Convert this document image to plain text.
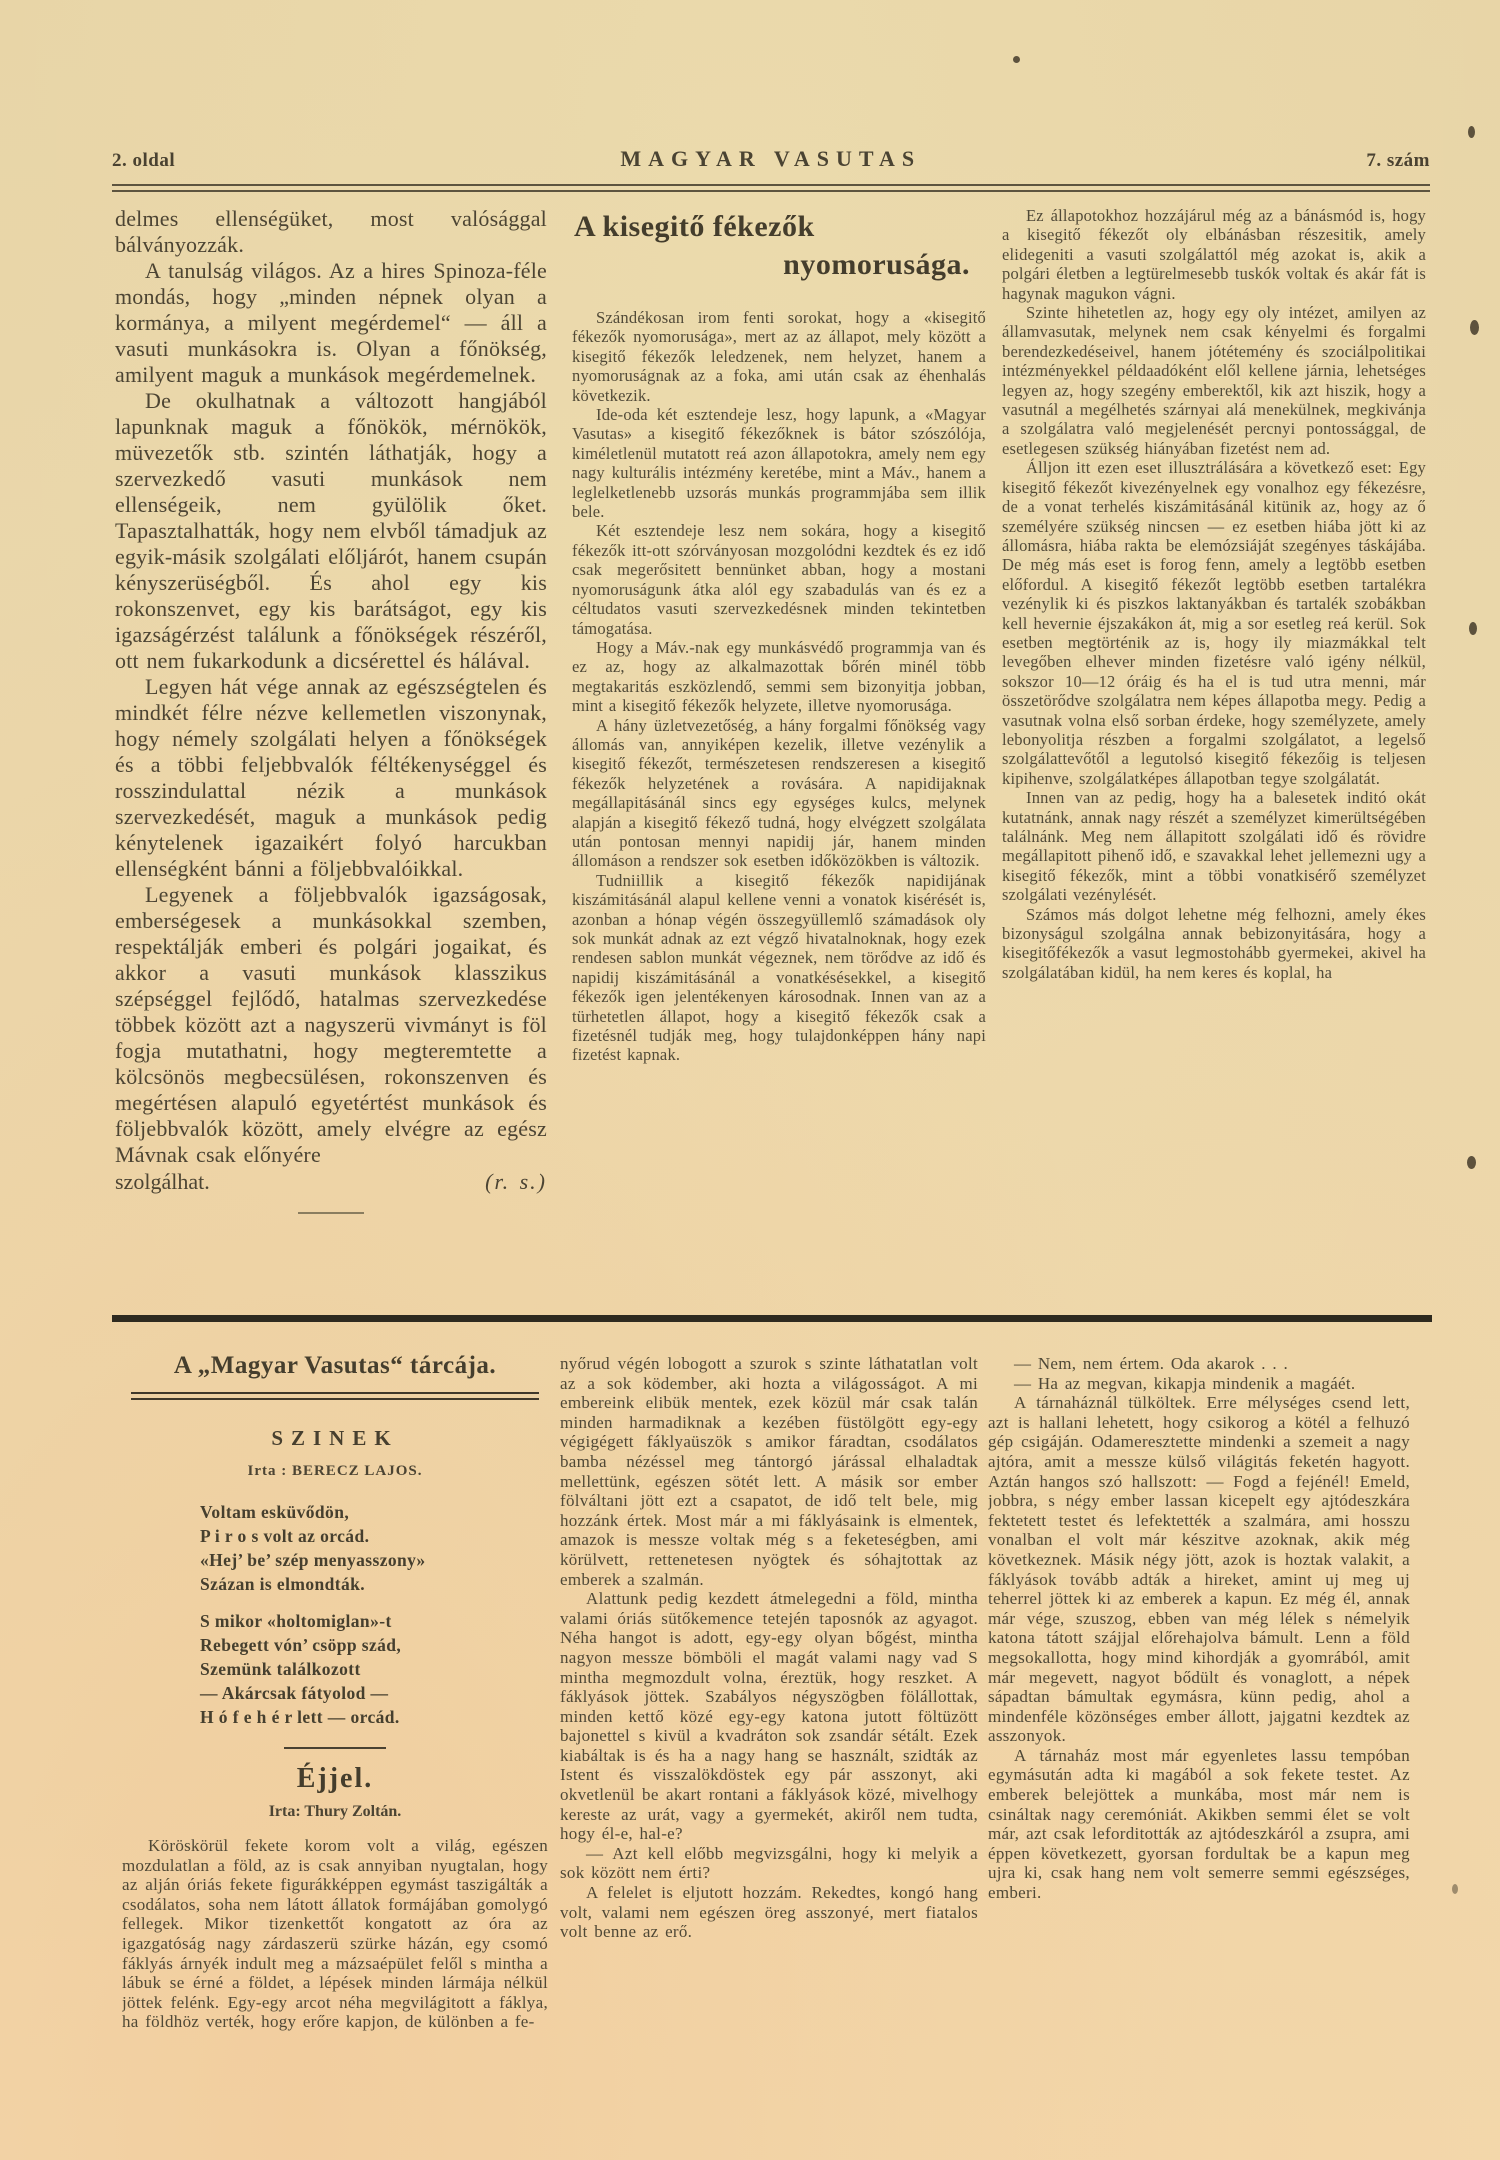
2. oldal	MAGYAR VASUTAS	7. szám

delmes ellenségüket, most valósággal bálványozzák.

A tanulság világos. Az a hires Spinoza-féle mondás, hogy „minden népnek olyan a kormánya, a milyent megérdemel“ — áll a vasuti munkásokra is. Olyan a főnökség, amilyent maguk a munkások megérdemelnek.

De okulhatnak a változott hangjából lapunknak maguk a főnökök, mérnökök, müvezetők stb. szintén láthatják, hogy a szervezkedő vasuti munkások nem ellenségeik, nem gyülölik őket. Tapasztalhatták, hogy nem elvből támadjuk az egyik-másik szolgálati előljárót, hanem csupán kényszerüségből. És ahol egy kis rokonszenvet, egy kis barátságot, egy kis igazságérzést találunk a főnökségek részéről, ott nem fukarkodunk a dicsérettel és hálával.

Legyen hát vége annak az egészségtelen és mindkét félre nézve kellemetlen viszonynak, hogy némely szolgálati helyen a főnökségek és a többi feljebbvalók féltékenységgel és rosszindulattal nézik a munkások szervezkedését, maguk a munkások pedig kénytelenek igazaikért folyó harcukban ellenségként bánni a följebbvalóikkal.

Legyenek a följebbvalók igazságosak, emberségesek a munkásokkal szemben, respektálják emberi és polgári jogaikat, és akkor a vasuti munkások klasszikus szépséggel fejlődő, hatalmas szervezkedése többek között azt a nagyszerü vivmányt is föl fogja mutathatni, hogy megteremtette a kölcsönös megbecsülésen, rokonszenven és megértésen alapuló egyetértést munkások és följebbvalók között, amely elvégre az egész Mávnak csak előnyére

szolgálhat.	(r. s.)
A kisegitő fékezők
nyomorusága.

Szándékosan irom fenti sorokat, hogy a «kisegitő fékezők nyomorusága», mert az az állapot, mely között a kisegitő fékezők leledzenek, nem helyzet, hanem a nyomoruságnak az a foka, ami után csak az éhenhalás következik.

Ide-oda két esztendeje lesz, hogy lapunk, a «Magyar Vasutas» a kisegitő fékezőknek is bátor szószólója, kiméletlenül mutatott reá azon állapotokra, amely nem egy nagy kulturális intézmény keretébe, mint a Máv., hanem a leglelketlenebb uzsorás munkás programmjába sem illik bele.

Két esztendeje lesz nem sokára, hogy a kisegitő fékezők itt-ott szórványosan mozgolódni kezdtek és ez idő csak megerősitett bennünket abban, hogy a mostani nyomoruságunk átka alól egy szabadulás van és ez a céltudatos vasuti szervezkedésnek minden tekintetben támogatása.

Hogy a Máv.-nak egy munkásvédő programmja van és ez az, hogy az alkalmazottak bőrén minél több megtakaritás eszközlendő, semmi sem bizonyitja jobban, mint a kisegitő fékezők helyzete, illetve nyomorusága.

A hány üzletvezetőség, a hány forgalmi főnökség vagy állomás van, annyiképen kezelik, illetve vezénylik a kisegitő fékezőt, természetesen rendszeresen a kisegitő fékezők helyzetének a rovására. A napidijaknak megállapitásánál sincs egy egységes kulcs, melynek alapján a kisegitő fékező tudná, hogy elvégzett szolgálata után pontosan mennyi napidij jár, hanem minden állomáson a rendszer sok esetben időközökben is változik.

Tudniillik a kisegitő fékezők napidijának kiszámitásánál alapul kellene venni a vonatok kisérését is, azonban a hónap végén összegyüllemlő számadások oly sok munkát adnak az ezt végző hivatalnoknak, hogy ezek rendesen sablon munkát végeznek, nem törődve az idő és napidij kiszámitásánál a vonatkésésekkel, a kisegitő fékezők igen jelentékenyen károsodnak. Innen van az a türhetetlen állapot, hogy a kisegitő fékezők csak a fizetésnél tudják meg, hogy tulajdonképpen hány napi fizetést kapnak.

Ez állapotokhoz hozzájárul még az a bánásmód is, hogy a kisegitő fékezőt oly elbánásban részesitik, amely elidegeniti a vasuti szolgálattól még azokat is, akik a polgári életben a legtürelmesebb tuskók voltak és akár fát is hagynak magukon vágni.

Szinte hihetetlen az, hogy egy oly intézet, amilyen az államvasutak, melynek nem csak kényelmi és forgalmi berendezkedéseivel, hanem jótétemény és szociálpolitikai intézményekkel példaadóként elől kellene járnia, lehetséges legyen az, hogy szegény emberektől, kik azt hiszik, hogy a vasutnál a megélhetés szárnyai alá menekülnek, megkivánja a szolgálatra való megjelenését percnyi pontossággal, de esetlegesen szükség hiányában fizetést nem ad.

Álljon itt ezen eset illusztrálására a következő eset: Egy kisegitő fékezőt kivezényelnek egy vonalhoz egy fékezésre, de a vonat terhelés kiszámitásánál kitünik az, hogy az ő személyére szükség nincsen — ez esetben hiába jött ki az állomásra, hiába rakta be elemózsiáját szegényes táskájába. De még más eset is forog fenn, amely a legtöbb esetben előfordul. A kisegitő fékezőt legtöbb esetben tartalékra vezénylik ki és piszkos laktanyákban és tartalék szobákban kell hevernie éjszakákon át, mig a sor esetleg reá kerül. Sok esetben megtörténik az is, hogy ily miazmákkal telt levegőben elhever minden fizetésre való igény nélkül, sokszor 10—12 óráig és ha el is tud utra menni, már összetörődve szolgálatra nem képes állapotba megy. Pedig a vasutnak volna első sorban érdeke, hogy személyzete, amely lebonyolitja részben a forgalmi szolgálatot, a legelső szolgálattevőtől a legutolsó kisegitő fékezőig is teljesen kipihenve, szolgálatképes állapotban tegye szolgálatát.

Innen van az pedig, hogy ha a balesetek inditó okát kutatnánk, annak nagy részét a személyzet kimerültségében találnánk. Meg nem állapitott szolgálati idő és rövidre megállapitott pihenő idő, e szavakkal lehet jellemezni ugy a kisegitő fékezők, mint a többi vonatkisérő személyzet szolgálati vezénylését.

Számos más dolgot lehetne még felhozni, amely ékes bizonyságul szolgálna annak bebizonyitására, hogy a kisegitőfékezők a vasut legmostohább gyermekei, akivel ha szolgálatában kidül, ha nem keres és koplal, ha

A „Magyar Vasutas“ tárcája.
SZINEK
Irta : BERECZ LAJOS.
Voltam esküvődön,
P i r o s volt az orcád.
«Hej’ be’ szép menyasszony»
Százan is elmondták.
S mikor «holtomiglan»-t
Rebegett vón’ csöpp szád,
Szemünk találkozott
— Akárcsak fátyolod —
H ó f e h é r lett — orcád.
Éjjel.
Irta: Thury Zoltán.

Köröskörül fekete korom volt a világ, egészen mozdulatlan a föld, az is csak annyiban nyugtalan, hogy az alján óriás fekete figurákképpen egymást taszigálták a csodálatos, soha nem látott állatok formájában gomolygó fellegek. Mikor tizenkettőt kongatott az óra az igazgatóság nagy zárdaszerü szürke házán, egy csomó fáklyás árnyék indult meg a mázsaépület felől s mintha a lábuk se érné a földet, a lépések minden lármája nélkül jöttek felénk. Egy-egy arcot néha megvilágitott a fáklya, ha földhöz verték, hogy erőre kapjon, de különben a fe-

nyőrud végén lobogott a szurok s szinte láthatatlan volt az a sok ködember, aki hozta a világosságot. A mi embereink elibük mentek, ezek közül már csak talán minden harmadiknak a kezében füstölgött egy-egy végigégett fáklyaüszök s amikor fáradtan, csodálatos bamba nézéssel meg tántorgó járással elhaladtak mellettünk, egészen sötét lett. A másik sor ember fölváltani jött ezt a csapatot, de idő telt bele, mig hozzánk értek. Most már a mi fáklyásaink is elmentek, amazok is messze voltak még s a feketeségben, ami körülvett, rettenetesen nyögtek és sóhajtottak az emberek a szalmán.

Alattunk pedig kezdett átmelegedni a föld, mintha valami óriás sütőkemence tetején taposnók az agyagot. Néha hangot is adott, egy-egy olyan bőgést, mintha nagyon messze bömböli el magát valami nagy vad S mintha megmozdult volna, éreztük, hogy reszket. A fáklyások jöttek. Szabályos négyszögben fölállottak, minden kettő közé egy-egy katona jutott föltüzött bajonettel s kivül a kvadráton sok zsandár sétált. Ezek kiabáltak is és ha a nagy hang se használt, szidták az Istent és visszalökdöstek egy pár asszonyt, aki okvetlenül be akart rontani a fáklyások közé, mivelhogy kereste az urát, vagy a gyermekét, akiről nem tudta, hogy él-e, hal-e?

— Azt kell előbb megvizsgálni, hogy ki melyik a sok között nem érti?

A felelet is eljutott hozzám. Rekedtes, kongó hang volt, valami nem egészen öreg asszonyé, mert fiatalos volt benne az erő.

— Nem, nem értem. Oda akarok . . .

— Ha az megvan, kikapja mindenik a magáét.

A tárnaháznál tülköltek. Erre mélységes csend lett, azt is hallani lehetett, hogy csikorog a kötél a felhuzó gép csigáján. Odameresztette mindenki a szemeit a nagy ajtóra, amit a messze külső világitás feketén hagyott. Aztán hangos szó hallszott: — Fogd a fejénél! Emeld, jobbra, s négy ember lassan kicepelt egy ajtódeszkára fektetett testet és lefektették a szalmára, ami hosszu vonalban el volt már készitve azoknak, akik még következnek. Másik négy jött, azok is hoztak valakit, a fáklyások tovább adták a hireket, amint uj meg uj teherrel jöttek ki az emberek a kapun. Ez még él, annak már vége, szuszog, ebben van még lélek s némelyik katona tátott szájjal előrehajolva bámult. Lenn a föld megsokallotta, hogy mind kihordják a gyomrából, amit már megevett, nagyot bődült és vonaglott, a népek sápadtan bámultak egymásra, künn pedig, ahol a mindenféle közönséges ember állott, jajgatni kezdtek az asszonyok.

A tárnaház most már egyenletes lassu tempóban egymásután adta ki magából a sok fekete testet. Az emberek belejöttek a munkába, most már nem is csináltak nagy ceremóniát. Akikben semmi élet se volt már, azt csak leforditották az ajtódeszkáról a zsupra, ami éppen következett, gyorsan fordultak be a kapun meg ujra ki, csak hang nem volt semerre semmi egészséges, emberi.
